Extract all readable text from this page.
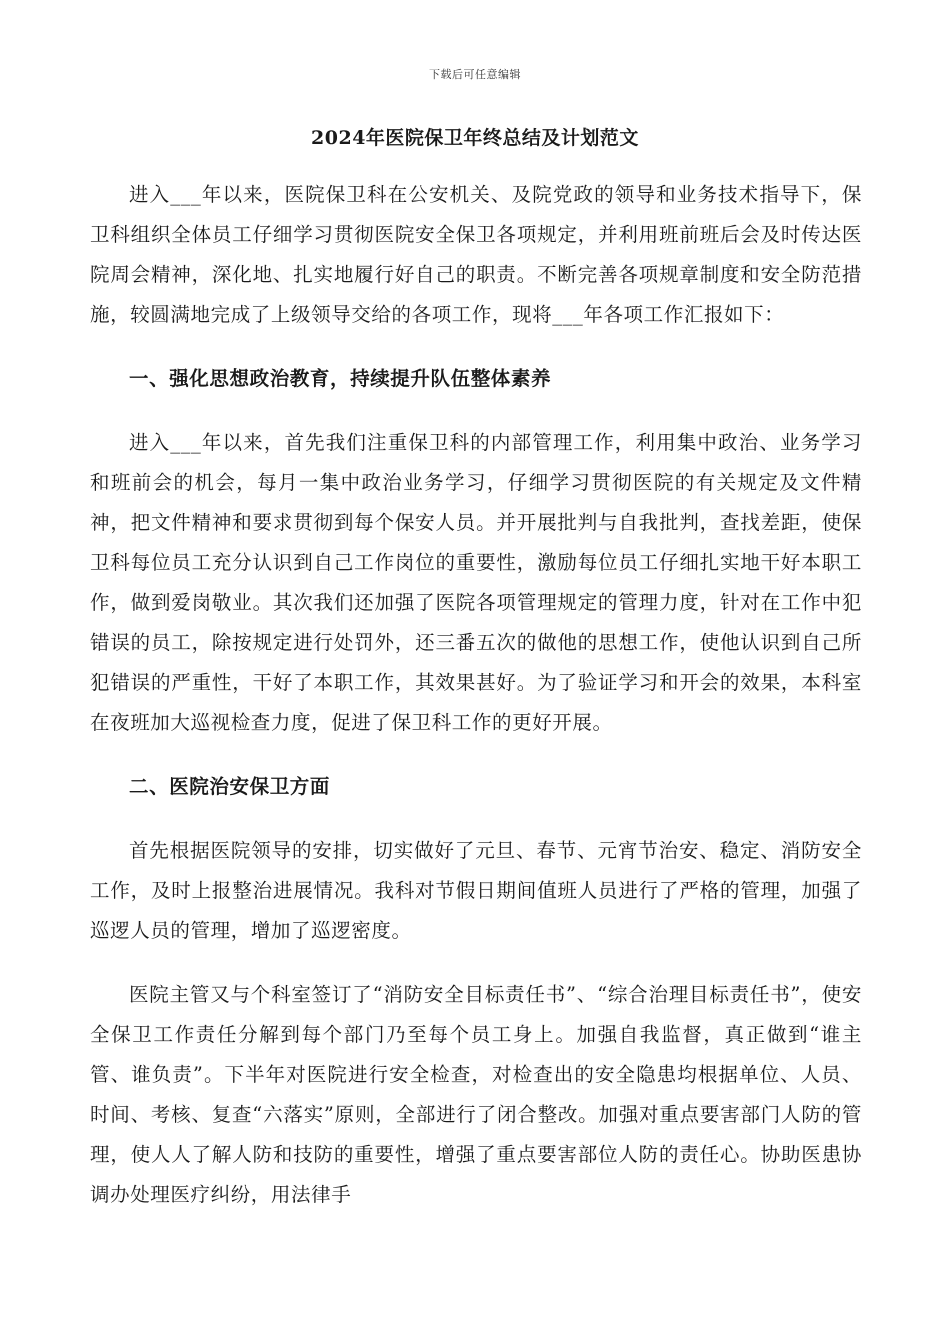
下载后可任意编辑
2024年医院保卫年终总结及计划范文

进入___年以来，医院保卫科在公安机关、及院党政的领导和业务技术指导下，保卫科组织全体员工仔细学习贯彻医院安全保卫各项规定，并利用班前班后会及时传达医院周会精神，深化地、扎实地履行好自己的职责。不断完善各项规章制度和安全防范措施，较圆满地完成了上级领导交给的各项工作，现将___年各项工作汇报如下：

一、强化思想政治教育，持续提升队伍整体素养

进入___年以来，首先我们注重保卫科的内部管理工作，利用集中政治、业务学习和班前会的机会，每月一集中政治业务学习，仔细学习贯彻医院的有关规定及文件精神，把文件精神和要求贯彻到每个保安人员。并开展批判与自我批判，查找差距，使保卫科每位员工充分认识到自己工作岗位的重要性，激励每位员工仔细扎实地干好本职工作，做到爱岗敬业。其次我们还加强了医院各项管理规定的管理力度，针对在工作中犯错误的员工，除按规定进行处罚外，还三番五次的做他的思想工作，使他认识到自己所犯错误的严重性，干好了本职工作，其效果甚好。为了验证学习和开会的效果，本科室在夜班加大巡视检查力度，促进了保卫科工作的更好开展。

二、医院治安保卫方面

首先根据医院领导的安排，切实做好了元旦、春节、元宵节治安、稳定、消防安全工作，及时上报整治进展情况。我科对节假日期间值班人员进行了严格的管理，加强了巡逻人员的管理，增加了巡逻密度。

医院主管又与个科室签订了“消防安全目标责任书”、“综合治理目标责任书”，使安全保卫工作责任分解到每个部门乃至每个员工身上。加强自我监督，真正做到“谁主管、谁负责”。下半年对医院进行安全检查，对检查出的安全隐患均根据单位、人员、时间、考核、复查“六落实”原则，全部进行了闭合整改。加强对重点要害部门人防的管理，使人人了解人防和技防的重要性，增强了重点要害部位人防的责任心。协助医患协调办处理医疗纠纷，用法律手
